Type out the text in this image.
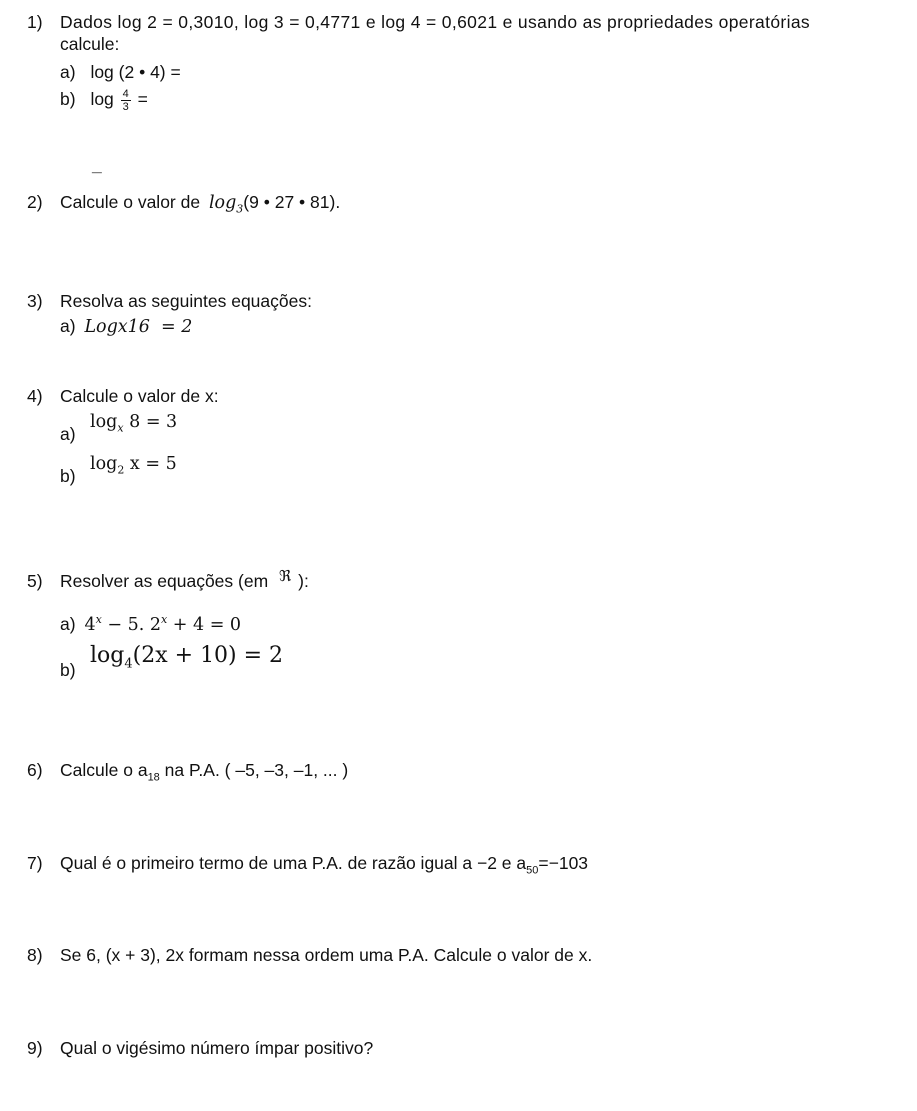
1) Dados log 2 = 0,3010, log 3 = 0,4771 e log 4 = 0,6021 e usando as propriedades operatórias
calcule:
a) log (2 • 4) =
b) $\log \frac{4}{3}$ =
_
2) Calcule o valor de $\log_3(9$ • 27 • 81).
3) Resolva as seguintes equações:
a) Logx16  = 2
4) Calcule o valor de x:
a)
$\log_x 8 = 3$
b)
$\log_2 x = 5$
5) Resolver as equações (em ℜ ):
a) $4^x - 5$. $2^x + 4 = 0$
b)
$\log_4(2x + 10) = 2$
6) Calcule o $a_{18}$ na P.A. ( –5, –3, –1, ... )
7) Qual é o primeiro termo de uma P.A. de razão igual a −2 e $a_{50}=-103$
8) Se 6, (x + 3), 2x formam nessa ordem uma P.A. Calcule o valor de x.
9) Qual o vigésimo número ímpar positivo?
